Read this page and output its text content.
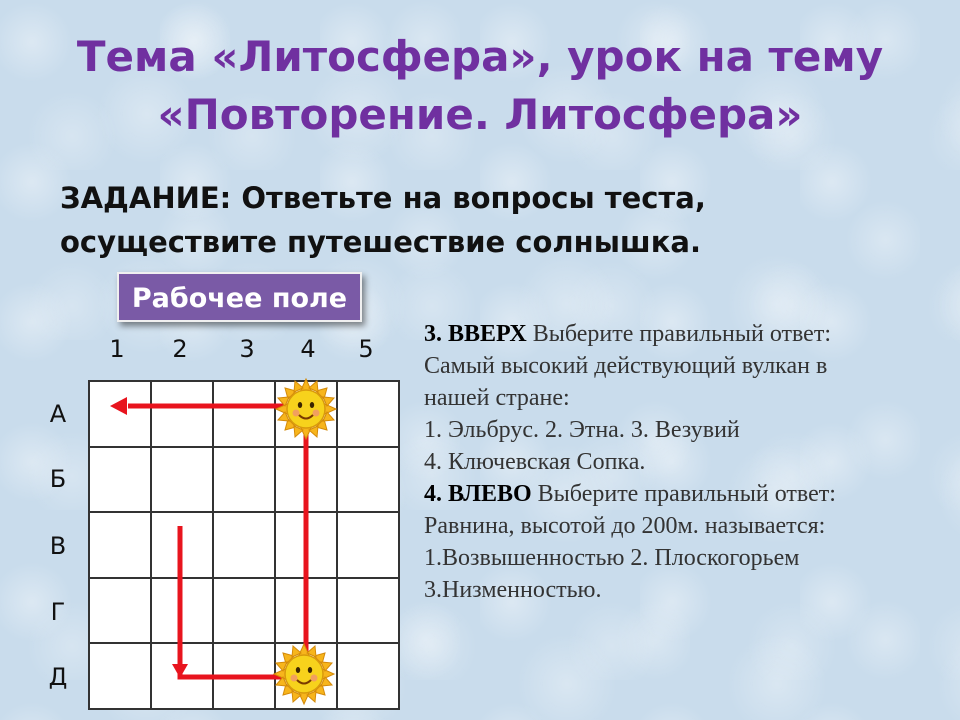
Тема «Литосфера», урок на тему
«Повторение. Литосфера»
ЗАДАНИЕ: Ответьте на вопросы теста,
осуществите путешествие солнышка.
Рабочее поле
1	2	3	4	5
А
Б
В
Г
Д
3. ВВЕРХ Выберите правильный ответ:
Самый высокий действующий вулкан в
нашей стране:
1. Эльбрус. 2. Этна. 3. Везувий
4. Ключевская Сопка.
4. ВЛЕВО Выберите правильный ответ:
Равнина, высотой до 200м. называется:
1.Возвышенностью 2. Плоскогорьем
3.Низменностью.
